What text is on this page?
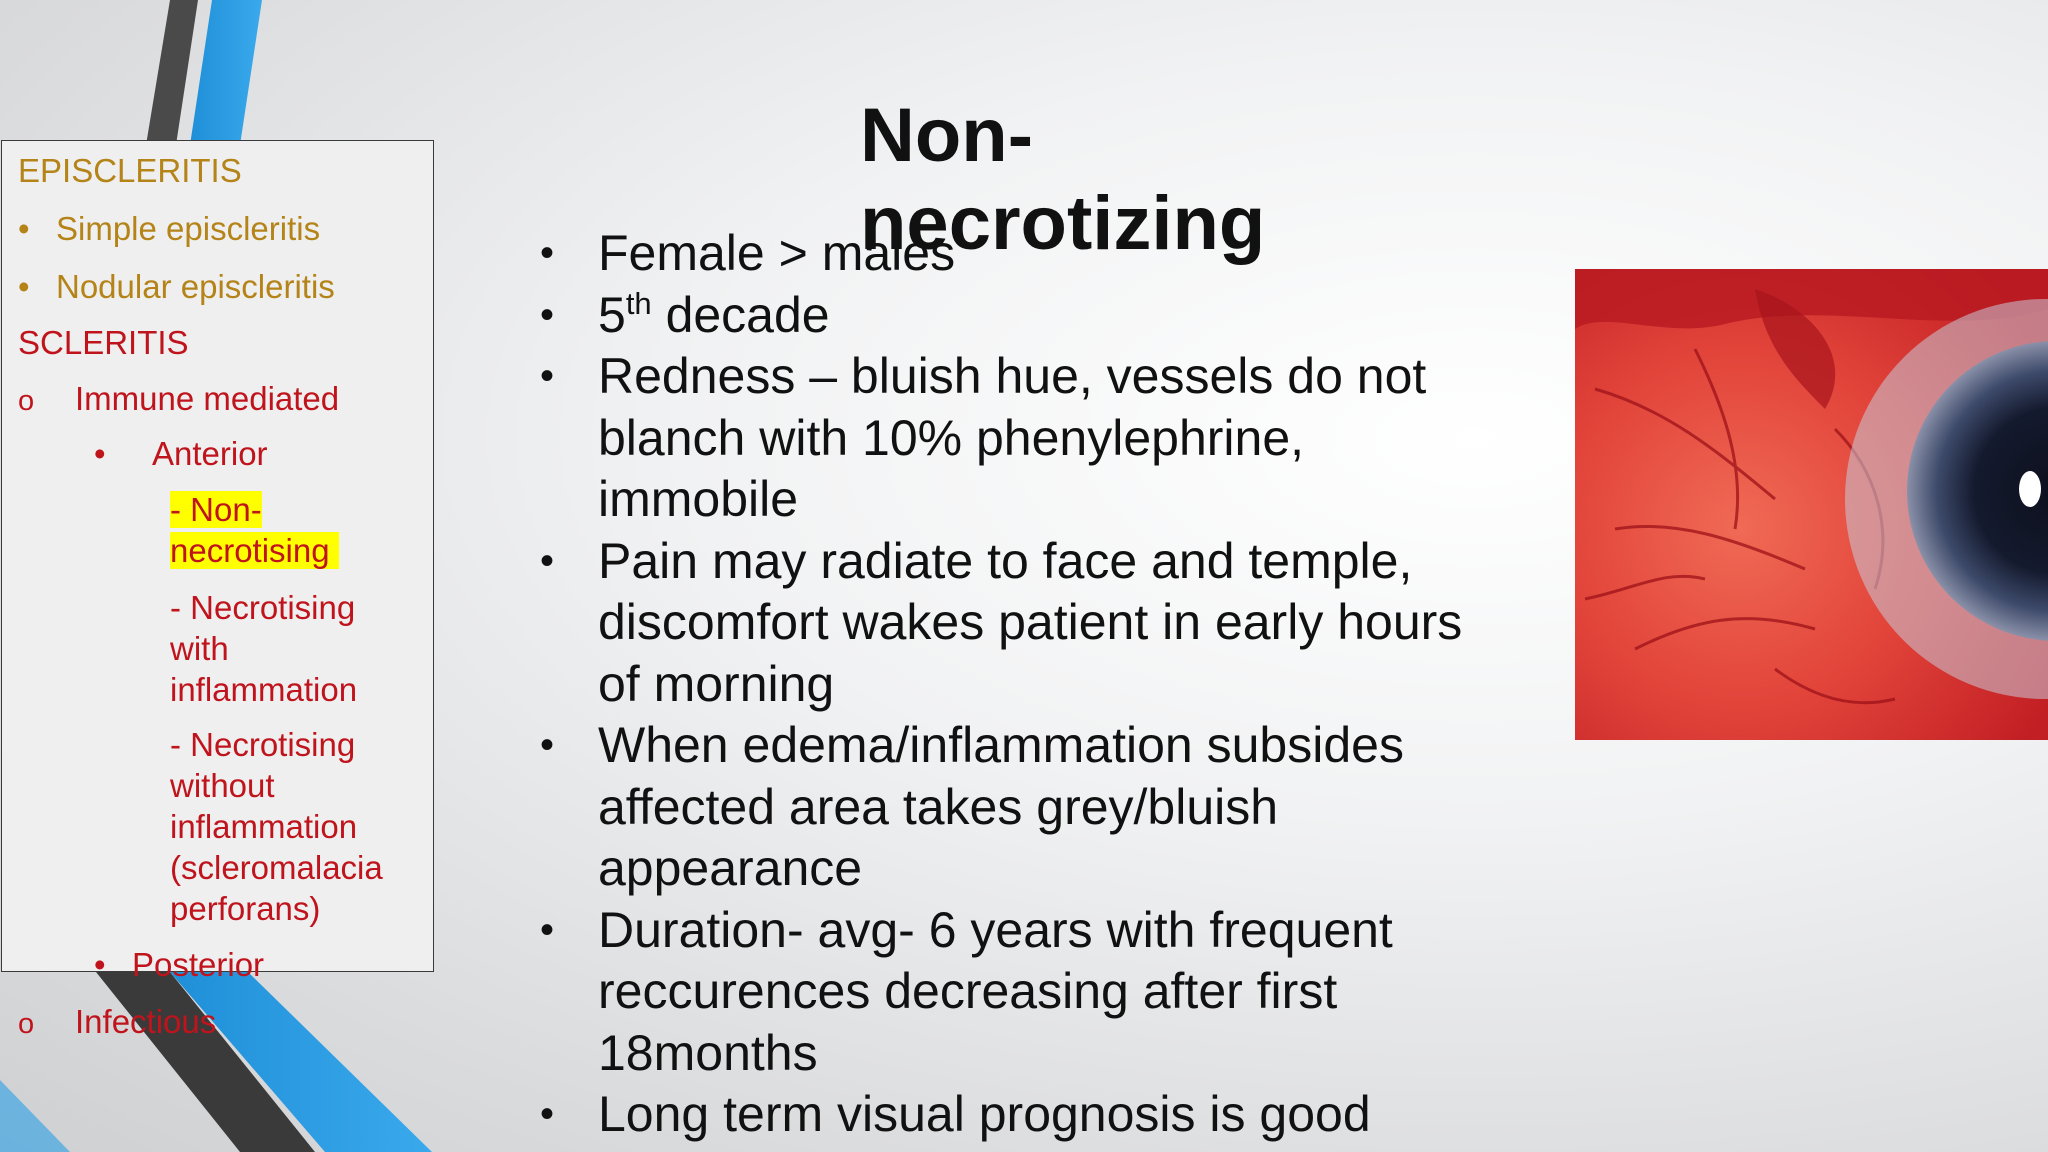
EPISCLERITIS
• Simple episcleritis
• Nodular episcleritis
SCLERITIS
o Immune mediated
• Anterior
- Non-
necrotising
- Necrotising
with
inflammation
- Necrotising
without
inflammation
(scleromalacia
perforans)
• Posterior
o Infectious
Non-
necrotizing
• Female > males
• 5th decade
• Redness – bluish hue, vessels do not
blanch with 10% phenylephrine,
immobile
• Pain may radiate to face and temple,
discomfort wakes patient in early hours
of morning
• When edema/inflammation subsides
affected area takes grey/bluish
appearance
• Duration- avg- 6 years with frequent
reccurences decreasing after first
18months
• Long term visual prognosis is good
